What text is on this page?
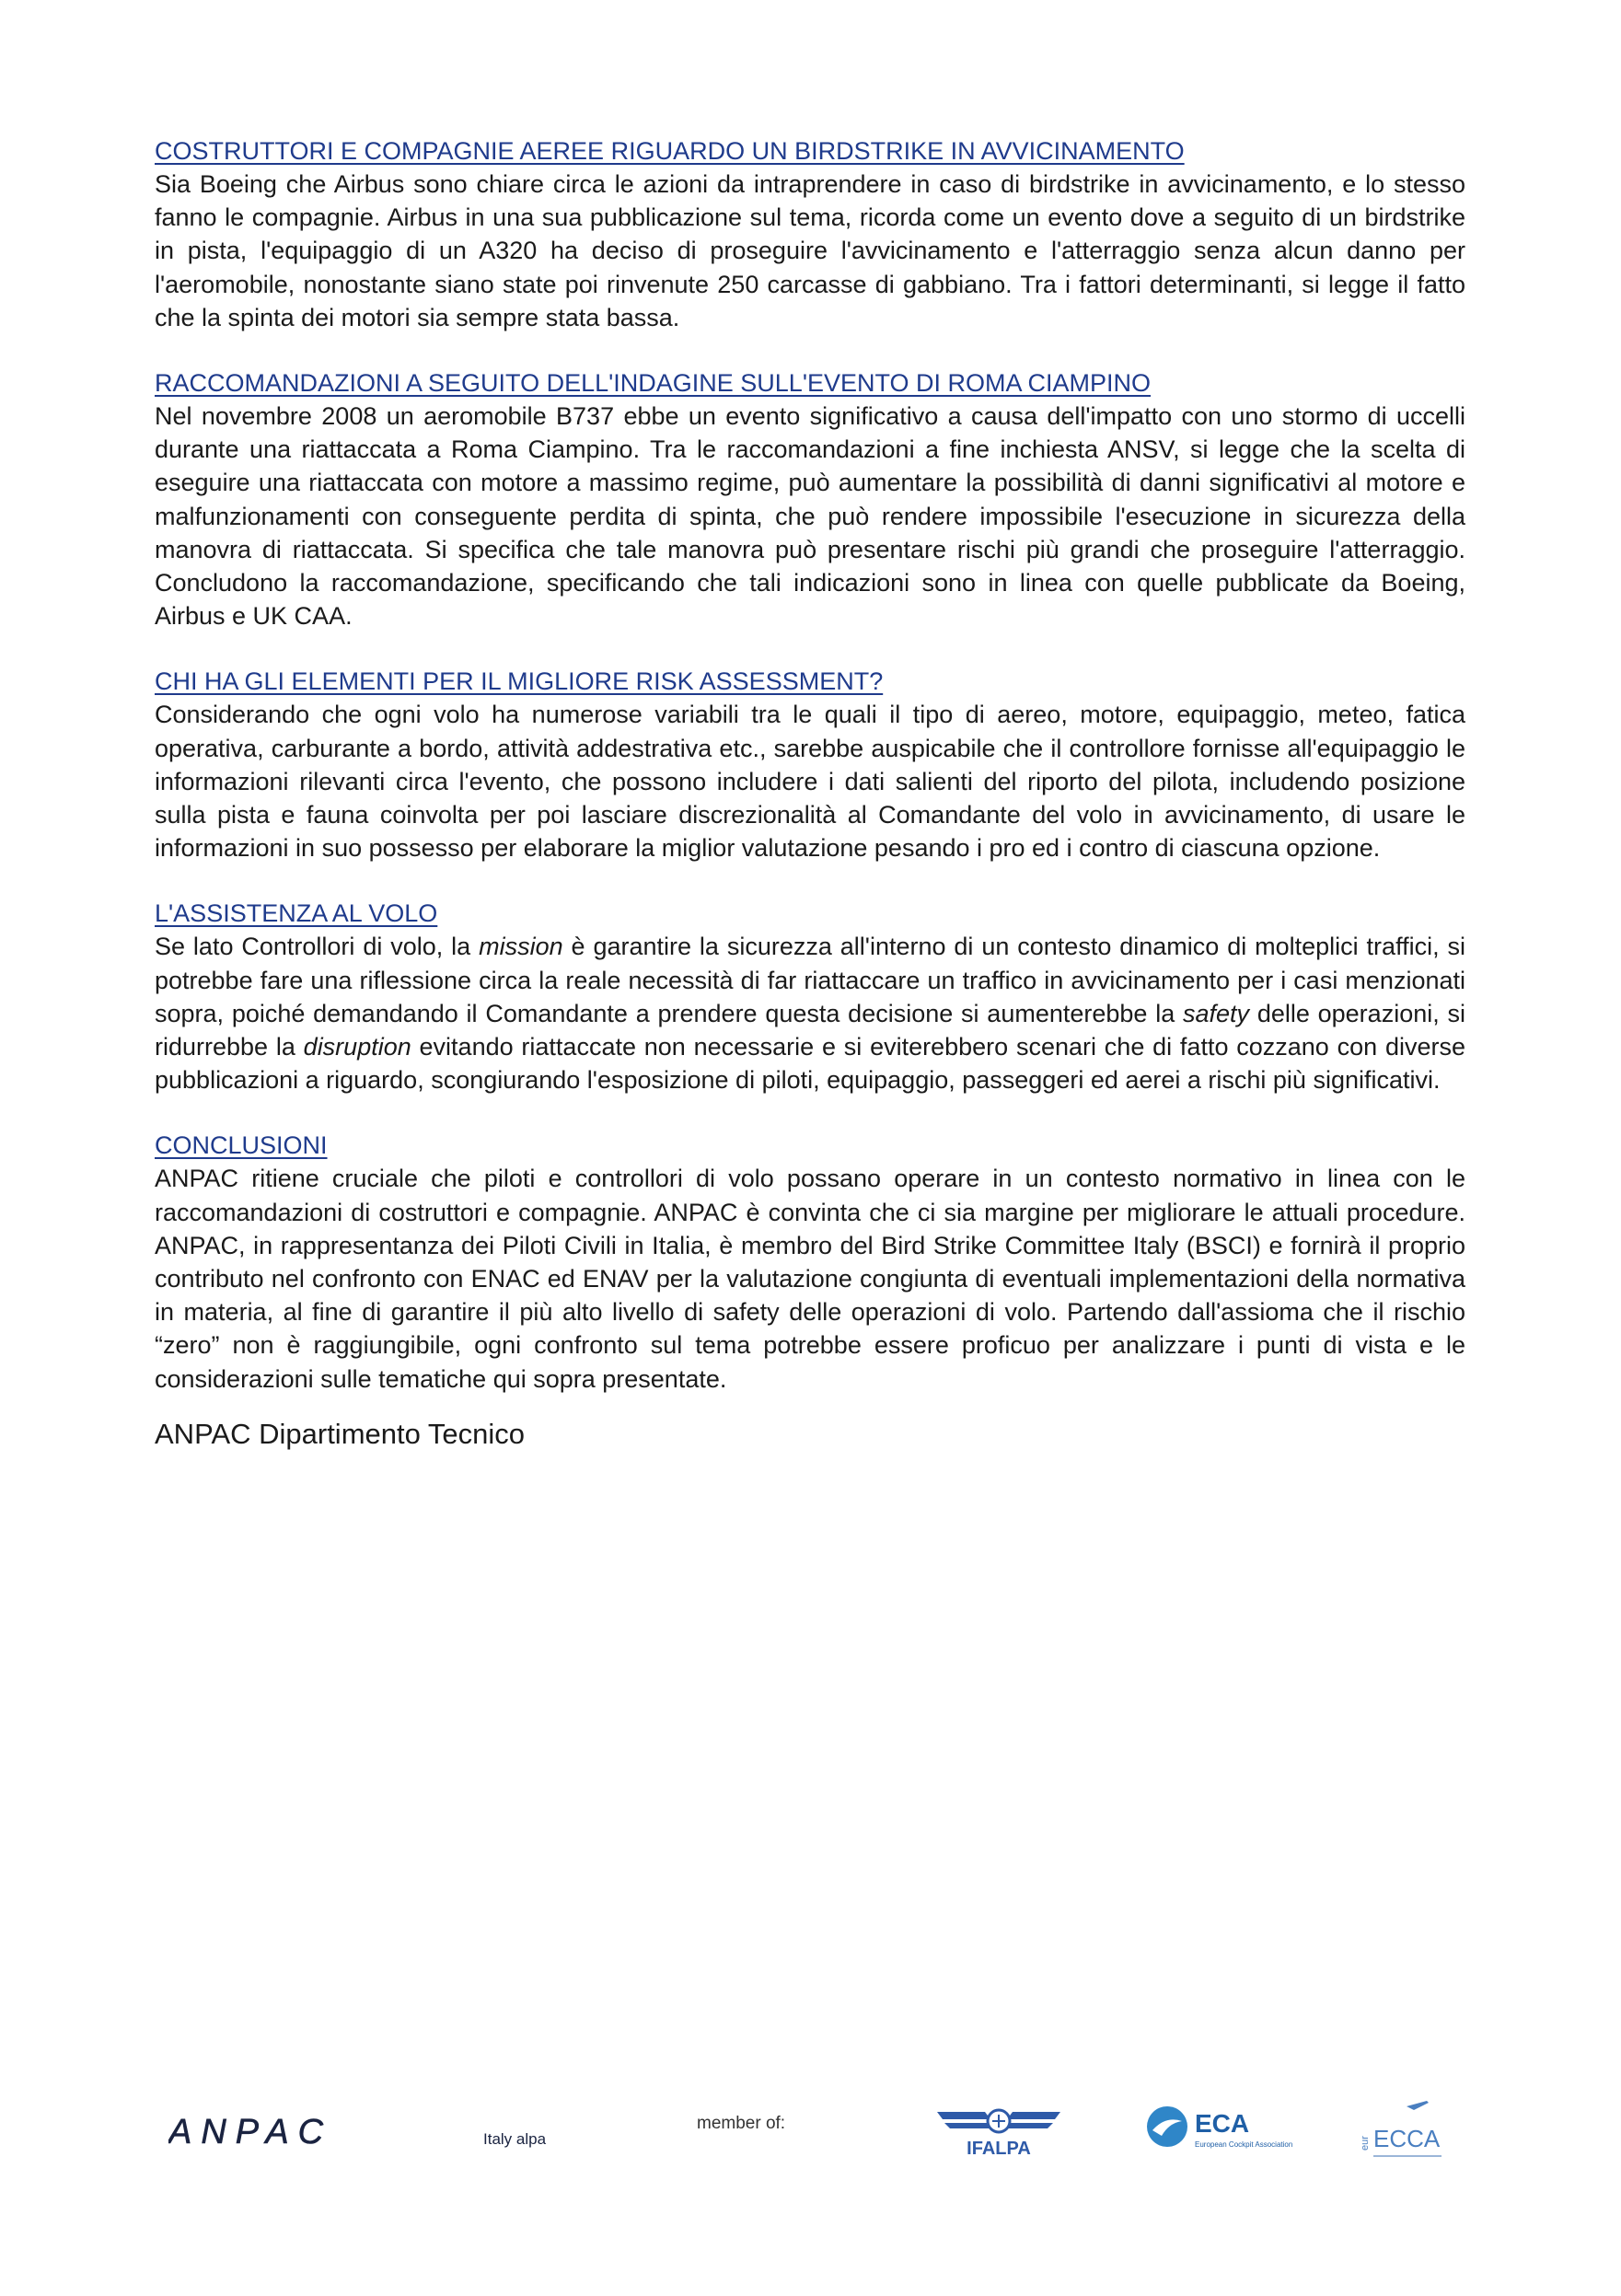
COSTRUTTORI E COMPAGNIE AEREE RIGUARDO UN BIRDSTRIKE IN AVVICINAMENTO

Sia Boeing che Airbus sono chiare circa le azioni da intraprendere in caso di birdstrike in avvicinamento, e lo stesso fanno le compagnie. Airbus in una sua pubblicazione sul tema, ricorda come un evento dove a seguito di un birdstrike in pista, l'equipaggio di un A320 ha deciso di proseguire l'avvicinamento e l'atterraggio senza alcun danno per l'aeromobile, nonostante siano state poi rinvenute 250 carcasse di gabbiano. Tra i fattori determinanti, si legge il fatto che la spinta dei motori sia sempre stata bassa.

RACCOMANDAZIONI A SEGUITO DELL'INDAGINE SULL'EVENTO DI ROMA CIAMPINO

Nel novembre 2008 un aeromobile B737 ebbe un evento significativo a causa dell'impatto con uno stormo di uccelli durante una riattaccata a Roma Ciampino. Tra le raccomandazioni a fine inchiesta ANSV, si legge che la scelta di eseguire una riattaccata con motore a massimo regime, può aumentare la possibilità di danni significativi al motore e malfunzionamenti con conseguente perdita di spinta, che può rendere impossibile l'esecuzione in sicurezza della manovra di riattaccata. Si specifica che tale manovra può presentare rischi più grandi che proseguire l'atterraggio. Concludono la raccomandazione, specificando che tali indicazioni sono in linea con quelle pubblicate da Boeing, Airbus e UK CAA.

CHI HA GLI ELEMENTI PER IL MIGLIORE RISK ASSESSMENT?

Considerando che ogni volo ha numerose variabili tra le quali il tipo di aereo, motore, equipaggio, meteo, fatica operativa, carburante a bordo, attività addestrativa etc., sarebbe auspicabile che il controllore fornisse all'equipaggio le informazioni rilevanti circa l'evento, che possono includere i dati salienti del riporto del pilota, includendo posizione sulla pista e fauna coinvolta per poi lasciare discrezionalità al Comandante del volo in avvicinamento, di usare le informazioni in suo possesso per elaborare la miglior valutazione pesando i pro ed i contro di ciascuna opzione.

L'ASSISTENZA AL VOLO

Se lato Controllori di volo, la mission è garantire la sicurezza all'interno di un contesto dinamico di molteplici traffici, si potrebbe fare una riflessione circa la reale necessità di far riattaccare un traffico in avvicinamento per i casi menzionati sopra, poiché demandando il Comandante a prendere questa decisione si aumenterebbe la safety delle operazioni, si ridurrebbe la disruption evitando riattaccate non necessarie e si eviterebbero scenari che di fatto cozzano con diverse pubblicazioni a riguardo, scongiurando l'esposizione di piloti, equipaggio, passeggeri ed aerei a rischi più significativi.

CONCLUSIONI

ANPAC ritiene cruciale che piloti e controllori di volo possano operare in un contesto normativo in linea con le raccomandazioni di costruttori e compagnie. ANPAC è convinta che ci sia margine per migliorare le attuali procedure. ANPAC, in rappresentanza dei Piloti Civili in Italia, è membro del Bird Strike Committee Italy (BSCI) e fornirà il proprio contributo nel confronto con ENAC ed ENAV per la valutazione congiunta di eventuali implementazioni della normativa in materia, al fine di garantire il più alto livello di safety delle operazioni di volo. Partendo dall'assioma che il rischio “zero” non è raggiungibile, ogni confronto sul tema potrebbe essere proficuo per analizzare i punti di vista e le considerazioni sulle tematiche qui sopra presentate.

ANPAC Dipartimento Tecnico
ANPAC	Italy alpa
member of:
IFALPA
ECA
European Cockpit Association	eur ECCA
